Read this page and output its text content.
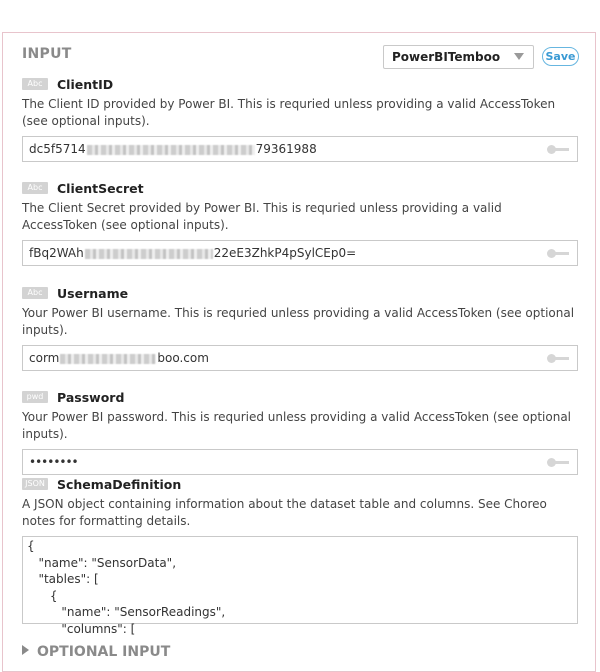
INPUT	PowerBITemboo	Save
Abc	ClientID
The Client ID provided by Power BI. This is requried unless providing a valid AccessToken (see optional inputs).
dc5f5714	79361988
Abc	ClientSecret
The Client Secret provided by Power BI. This is requried unless providing a valid AccessToken (see optional inputs).
fBq2WAh	22eE3ZhkP4pSylCEp0=
Abc	Username
Your Power BI username. This is requried unless providing a valid AccessToken (see optional inputs).
corm	boo.com
pwd	Password
Your Power BI password. This is requried unless providing a valid AccessToken (see optional inputs).
••••••••
JSON SchemaDefinition
A JSON object containing information about the dataset table and columns. See Choreo notes for formatting details.
{
"name": "SensorData",
"tables": [
{
"name": "SensorReadings",
"columns": [
OPTIONAL INPUT
